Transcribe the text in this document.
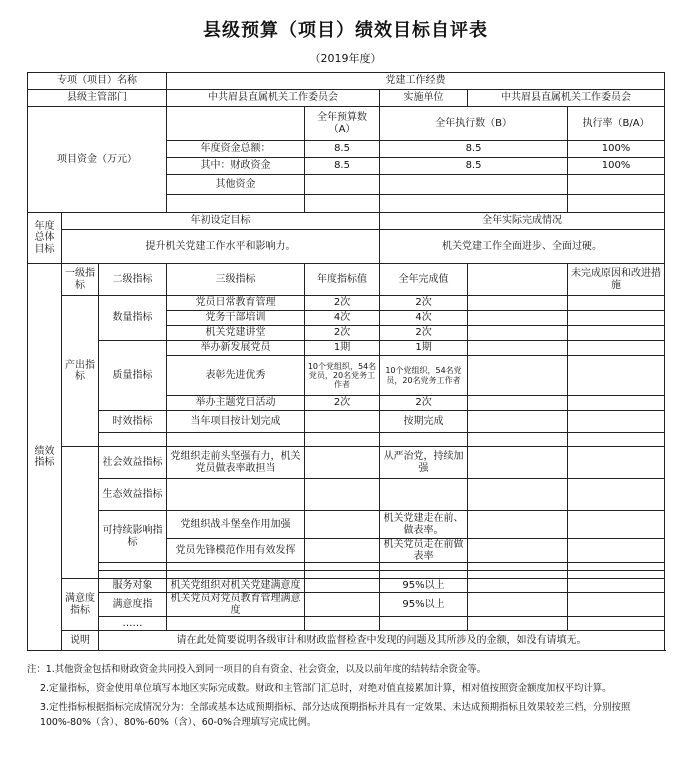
县级预算（项目）绩效目标自评表
（2019年度）
专项（项目）名称			党建工作经费				
县级主管部门			中共眉县直属机关工作委员会		实施单位	中共眉县直属机关工作委员会	
项目资金（万元）				全年预算数（A）	全年执行数（B）		执行率（B/A）
			年度资金总额：	8.5	8.5		100%
			其中：财政资金	8.5	8.5		100%
			其他资金				

年度总体目标	年初设定目标				全年实际完成情况		
	提升机关党建工作水平和影响力。				机关党建工作全面进步、全面过硬。		
绩效指标	一级指标	二级指标	三级指标	年度指标值	全年完成值		未完成原因和改进措施
	产出指标	数量指标	党员日常教育管理	2次	2次		
			党务干部培训	4次	4次		
			机关党建讲堂	2次	2次		
		质量指标	举办新发展党员	1期	1期		
			表彰先进优秀	10个党组织，54名党员，20名党务工作者	10个党组织，54名党员，20名党务工作者		
			举办主题党日活动	2次	2次		
		时效指标	当年项目按计划完成		按期完成		

		社会效益指标	党组织走前头坚强有力，机关党员做表率敢担当		从严治党，持续加强		
		生态效益指标					
		可持续影响指标	党组织战斗堡垒作用加强		机关党建走在前、做表率。		
			党员先锋模范作用有效发挥		机关党员走在前做表率		

	满意度指标	服务对象	机关党组织对机关党建满意度		95%以上		
		满意度指	机关党员对党员教育管理满意度		95%以上		
		……					
	说明	请在此处简要说明各级审计和财政监督检查中发现的问题及其所涉及的金额，如没有请填无。					

注：1.其他资金包括和财政资金共同投入到同一项目的自有资金、社会资金，以及以前年度的结转结余资金等。

2.定量指标，资金使用单位填写本地区实际完成数。财政和主管部门汇总时，对绝对值直接累加计算，相对值按照资金额度加权平均计算。

3.定性指标根据指标完成情况分为：全部或基本达成预期指标、部分达成预期指标并具有一定效果、未达成预期指标且效果较差三档，分别按照100%-80%（含）、80%-60%（含）、60-0%合理填写完成比例。
